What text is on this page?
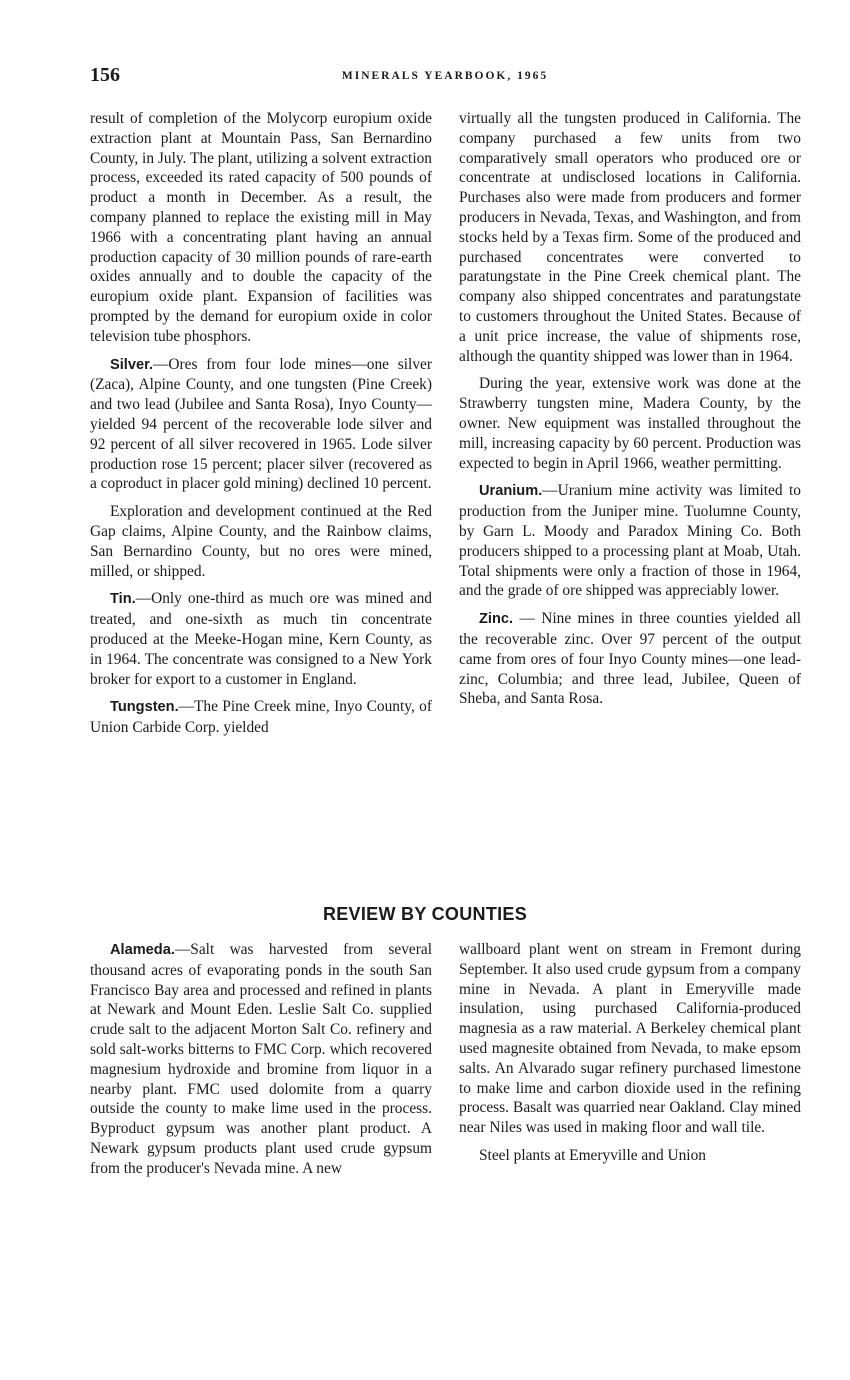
156	MINERALS YEARBOOK, 1965

result of completion of the Molycorp europium oxide extraction plant at Mountain Pass, San Bernardino County, in July. The plant, utilizing a solvent extraction process, exceeded its rated capacity of 500 pounds of product a month in December. As a result, the company planned to replace the existing mill in May 1966 with a concentrating plant having an annual production capacity of 30 million pounds of rare-earth oxides annually and to double the capacity of the europium oxide plant. Expansion of facilities was prompted by the demand for europium oxide in color television tube phosphors.

Silver.—Ores from four lode mines—one silver (Zaca), Alpine County, and one tungsten (Pine Creek) and two lead (Jubilee and Santa Rosa), Inyo County—yielded 94 percent of the recoverable lode silver and 92 percent of all silver recovered in 1965. Lode silver production rose 15 percent; placer silver (recovered as a coproduct in placer gold mining) declined 10 percent.

Exploration and development continued at the Red Gap claims, Alpine County, and the Rainbow claims, San Bernardino County, but no ores were mined, milled, or shipped.

Tin.—Only one-third as much ore was mined and treated, and one-sixth as much tin concentrate produced at the Meeke-Hogan mine, Kern County, as in 1964. The concentrate was consigned to a New York broker for export to a customer in England.

Tungsten.—The Pine Creek mine, Inyo County, of Union Carbide Corp. yielded

virtually all the tungsten produced in California. The company purchased a few units from two comparatively small operators who produced ore or concentrate at undisclosed locations in California. Purchases also were made from producers and former producers in Nevada, Texas, and Washington, and from stocks held by a Texas firm. Some of the produced and purchased concentrates were converted to paratungstate in the Pine Creek chemical plant. The company also shipped concentrates and paratungstate to customers throughout the United States. Because of a unit price increase, the value of shipments rose, although the quantity shipped was lower than in 1964.

During the year, extensive work was done at the Strawberry tungsten mine, Madera County, by the owner. New equipment was installed throughout the mill, increasing capacity by 60 percent. Production was expected to begin in April 1966, weather permitting.

Uranium.—Uranium mine activity was limited to production from the Juniper mine. Tuolumne County, by Garn L. Moody and Paradox Mining Co. Both producers shipped to a processing plant at Moab, Utah. Total shipments were only a fraction of those in 1964, and the grade of ore shipped was appreciably lower.

Zinc. — Nine mines in three counties yielded all the recoverable zinc. Over 97 percent of the output came from ores of four Inyo County mines—one lead-zinc, Columbia; and three lead, Jubilee, Queen of Sheba, and Santa Rosa.

REVIEW BY COUNTIES

Alameda.—Salt was harvested from several thousand acres of evaporating ponds in the south San Francisco Bay area and processed and refined in plants at Newark and Mount Eden. Leslie Salt Co. supplied crude salt to the adjacent Morton Salt Co. refinery and sold salt-works bitterns to FMC Corp. which recovered magnesium hydroxide and bromine from liquor in a nearby plant. FMC used dolomite from a quarry outside the county to make lime used in the process. Byproduct gypsum was another plant product. A Newark gypsum products plant used crude gypsum from the producer's Nevada mine. A new

wallboard plant went on stream in Fremont during September. It also used crude gypsum from a company mine in Nevada. A plant in Emeryville made insulation, using purchased California-produced magnesia as a raw material. A Berkeley chemical plant used magnesite obtained from Nevada, to make epsom salts. An Alvarado sugar refinery purchased limestone to make lime and carbon dioxide used in the refining process. Basalt was quarried near Oakland. Clay mined near Niles was used in making floor and wall tile.

Steel plants at Emeryville and Union
